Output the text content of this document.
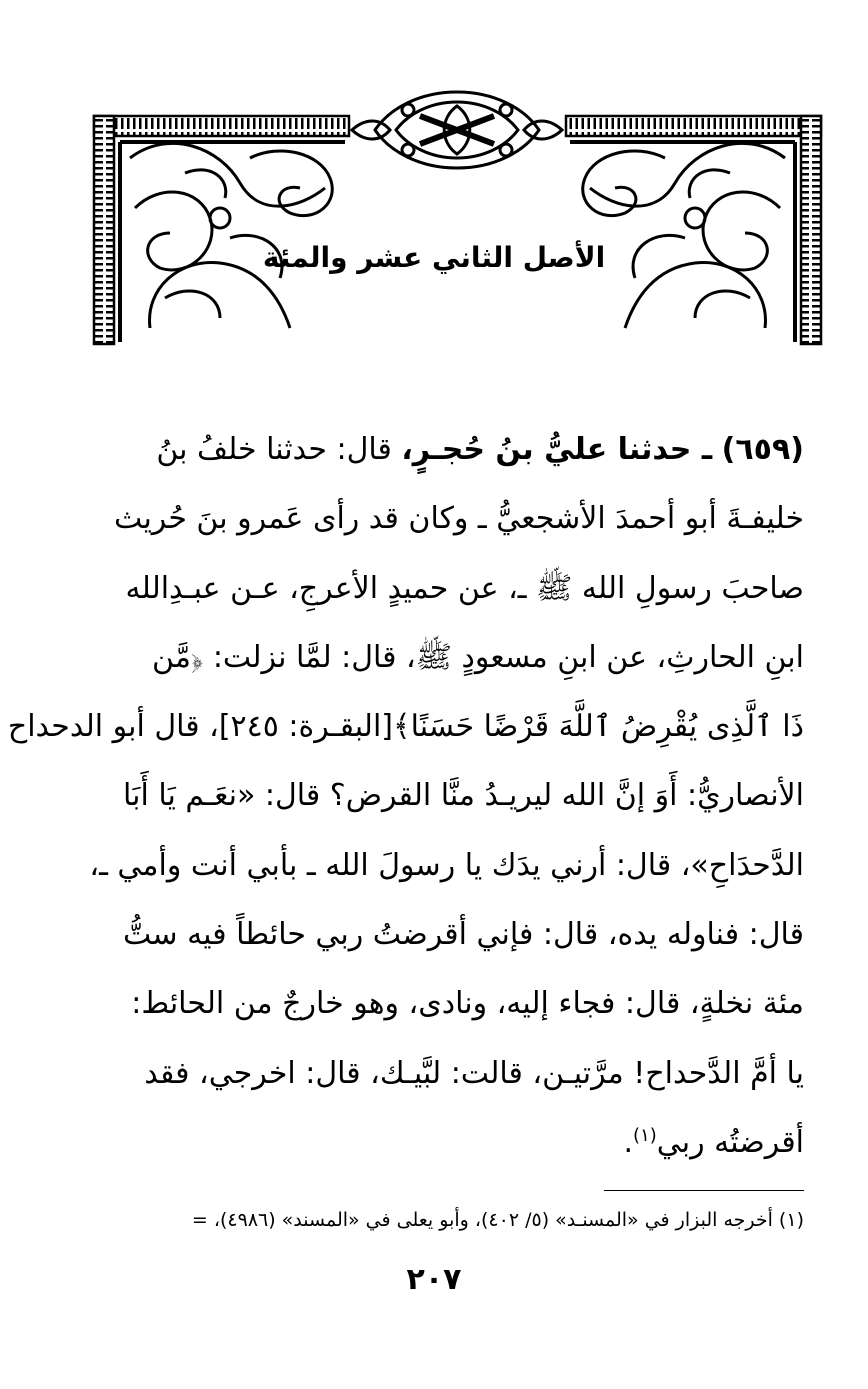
الأصل الثاني عشر والمئة
(٦٥٩) ـ حدثنا عليُّ بنُ حُجـرٍ، قال: حدثنا خلفُ بنُ
خليفـةَ أبو أحمدَ الأشجعيُّ ـ وكان قد رأى عَمرو بنَ حُريث
صاحبَ رسولِ الله ﷺ ـ، عن حميدٍ الأعرجِ، عـن عبـدِالله
ابنِ الحارثِ، عن ابنِ مسعودٍ ﷺ، قال: لمَّا نزلت: ﴿مَّن
ذَا ٱلَّذِى يُقْرِضُ ٱللَّهَ قَرْضًا حَسَنًا﴾[البقـرة: ٢٤٥]، قال أبو الدحداح
الأنصاريُّ: أَوَ إنَّ الله ليريـدُ منَّا القرض؟ قال: «نعَـم يَا أَبَا
الدَّحدَاحِ»، قال: أرني يدَك يا رسولَ الله ـ بأبي أنت وأمي ـ،
قال: فناوله يده، قال: فإني أقرضتُ ربي حائطاً فيه ستُّ
مئة نخلةٍ، قال: فجاء إليه، ونادى، وهو خارجٌ من الحائط:
يا أمَّ الدَّحداح! مرَّتيـن، قالت: لبَّيـك، قال: اخرجي، فقد
أقرضتُه ربي$^{(١)}$.
(١) أخرجه البزار في «المسنـد» (٥/ ٤٠٢)، وأبو يعلى في «المسند» (٤٩٨٦)، =
٢٠٧
